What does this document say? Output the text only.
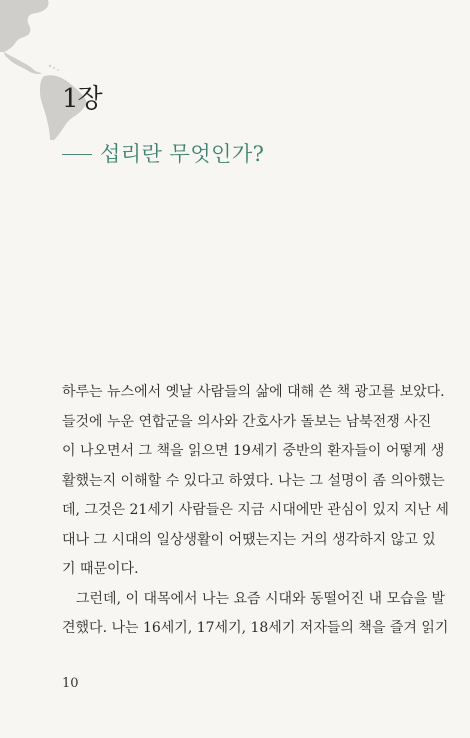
1장
섭리란 무엇인가?

하루는 뉴스에서 옛날 사람들의 삶에 대해 쓴 책 광고를 보았다.

들것에 누운 연합군을 의사와 간호사가 돌보는 남북전쟁 사진

이 나오면서 그 책을 읽으면 19세기 중반의 환자들이 어떻게 생

활했는지 이해할 수 있다고 하였다. 나는 그 설명이 좀 의아했는

데, 그것은 21세기 사람들은 지금 시대에만 관심이 있지 지난 세

대나 그 시대의 일상생활이 어땠는지는 거의 생각하지 않고 있

기 때문이다.

　그런데, 이 대목에서 나는 요즘 시대와 동떨어진 내 모습을 발

견했다. 나는 16세기, 17세기, 18세기 저자들의 책을 즐겨 읽기

10
